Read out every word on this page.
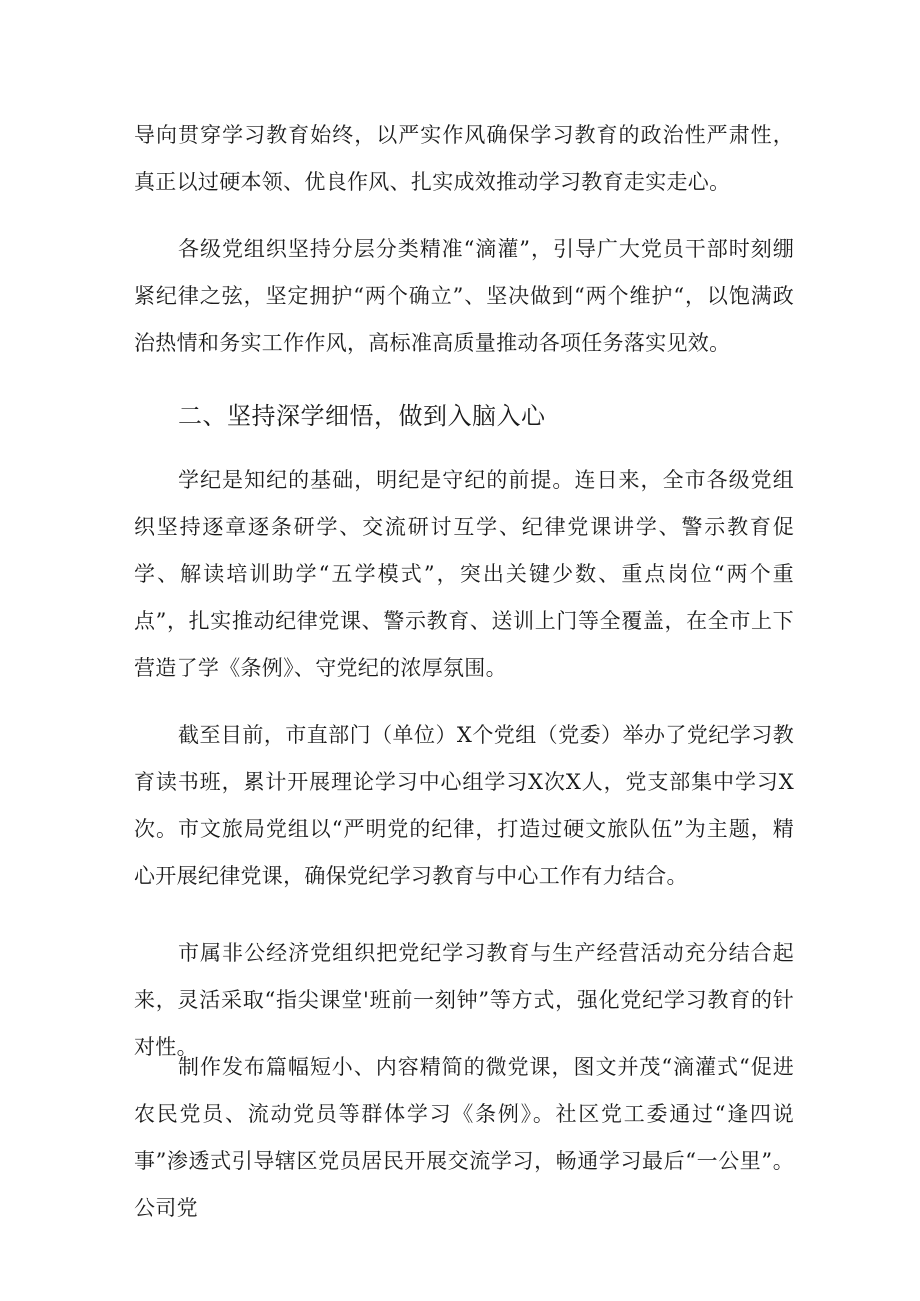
导向贯穿学习教育始终，以严实作风确保学习教育的政治性严肃性，真正以过硬本领、优良作风、扎实成效推动学习教育走实走心。

各级党组织坚持分层分类精准“滴灌”，引导广大党员干部时刻绷紧纪律之弦，坚定拥护“两个确立”、坚决做到“两个维护“，以饱满政治热情和务实工作作风，高标准高质量推动各项任务落实见效。

二、坚持深学细悟，做到入脑入心

学纪是知纪的基础，明纪是守纪的前提。连日来，全市各级党组织坚持逐章逐条研学、交流研讨互学、纪律党课讲学、警示教育促学、解读培训助学“五学模式”，突出关键少数、重点岗位“两个重点”，扎实推动纪律党课、警示教育、送训上门等全覆盖，在全市上下营造了学《条例》、守党纪的浓厚氛围。

截至目前，市直部门（单位）X个党组（党委）举办了党纪学习教育读书班，累计开展理论学习中心组学习X次X人，党支部集中学习X次。市文旅局党组以“严明党的纪律，打造过硬文旅队伍”为主题，精心开展纪律党课，确保党纪学习教育与中心工作有力结合。

市属非公经济党组织把党纪学习教育与生产经营活动充分结合起来，灵活采取“指尖课堂'班前一刻钟”等方式，强化党纪学习教育的针对性。

制作发布篇幅短小、内容精简的微党课，图文并茂“滴灌式“促进农民党员、流动党员等群体学习《条例》。社区党工委通过“逢四说事”渗透式引导辖区党员居民开展交流学习，畅通学习最后“一公里”。公司党
